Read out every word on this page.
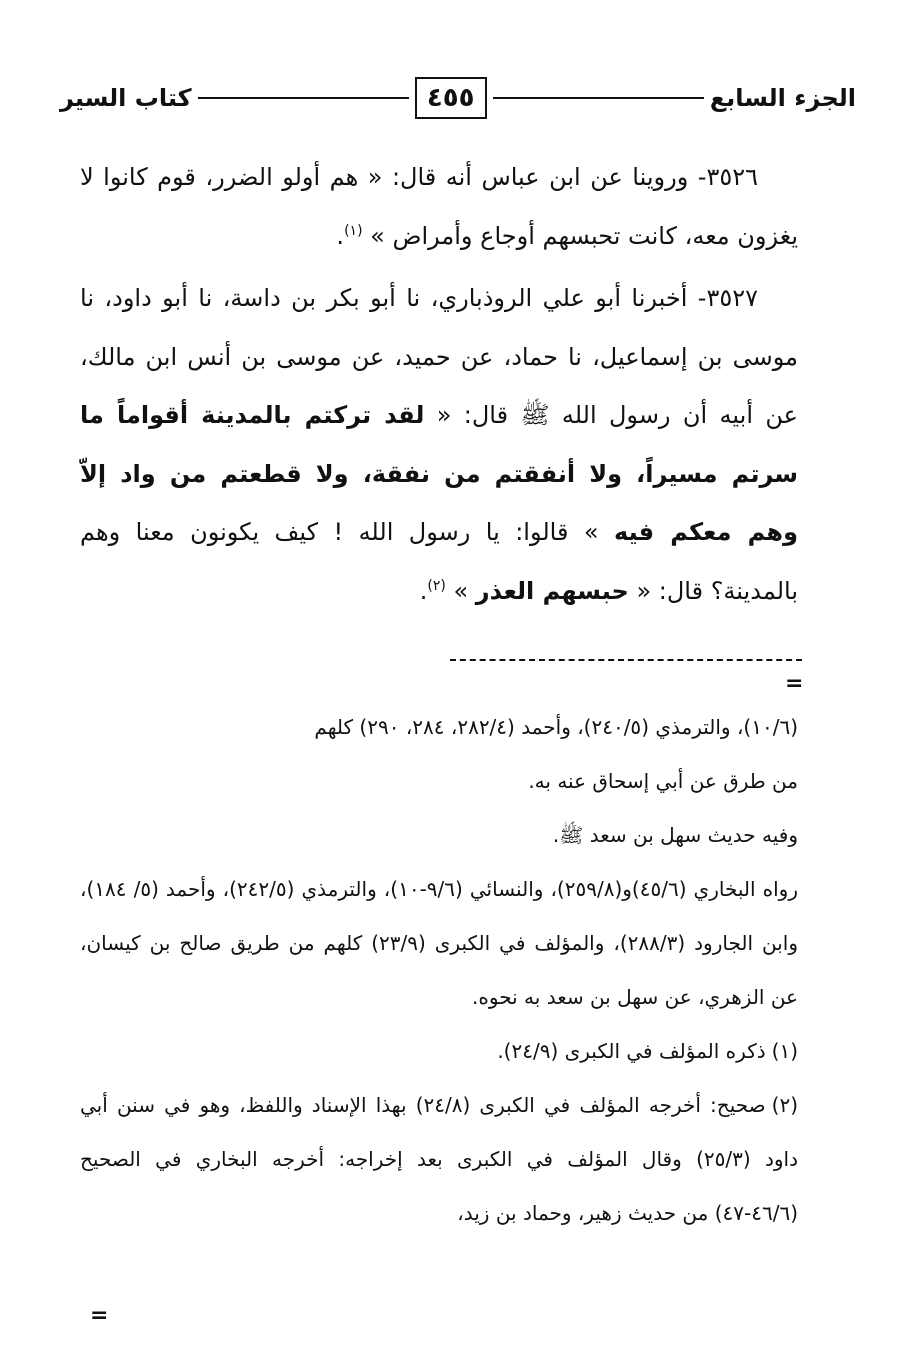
الجزء السابع
٤٥٥
كتاب السير

٣٥٢٦- وروينا عن ابن عباس أنه قال: « هم أولو الضرر، قوم كانوا لا يغزون معه، كانت تحبسهم أوجاع وأمراض » $^{(١)}$.

٣٥٢٧- أخبرنا أبو علي الروذباري، نا أبو بكر بن داسة، نا أبو داود، نا موسى بن إسماعيل، نا حماد، عن حميد، عن موسى بن أنس ابن مالك، عن أبيه أن رسول الله ﷺ قال: « لقد تركتم بالمدينة أقواماً ما سرتم مسيراً، ولا أنفقتم من نفقة، ولا قطعتم من واد إلاّ وهم معكم فيه » قالوا: يا رسول الله ! كيف يكونون معنا وهم بالمدينة؟ قال: « حبسهم العذر » $^{(٢)}$.

=

(١٠/٦)، والترمذي (٢٤٠/٥)، وأحمد (٢٨٢/٤، ٢٨٤، ٢٩٠) كلهم

من طرق عن أبي إسحاق عنه به.

وفيه حديث سهل بن سعد ﷺ.

رواه البخاري (٤٥/٦)و(٢٥٩/٨)، والنسائي (٩/٦-١٠)، والترمذي (٢٤٢/٥)، وأحمد (٥/ ١٨٤)، وابن الجارود (٢٨٨/٣)، والمؤلف في الكبرى (٢٣/٩) كلهم من طريق صالح بن كيسان، عن الزهري، عن سهل بن سعد به نحوه.

(١)ذكره المؤلف في الكبرى (٢٤/٩).

(٢)صحيح: أخرجه المؤلف في الكبرى (٢٤/٨) بهذا الإسناد واللفظ، وهو في سنن أبي داود (٢٥/٣) وقال المؤلف في الكبرى بعد إخراجه: أخرجه البخاري في الصحيح (٤٦/٦-٤٧) من حديث زهير، وحماد بن زيد،

=
